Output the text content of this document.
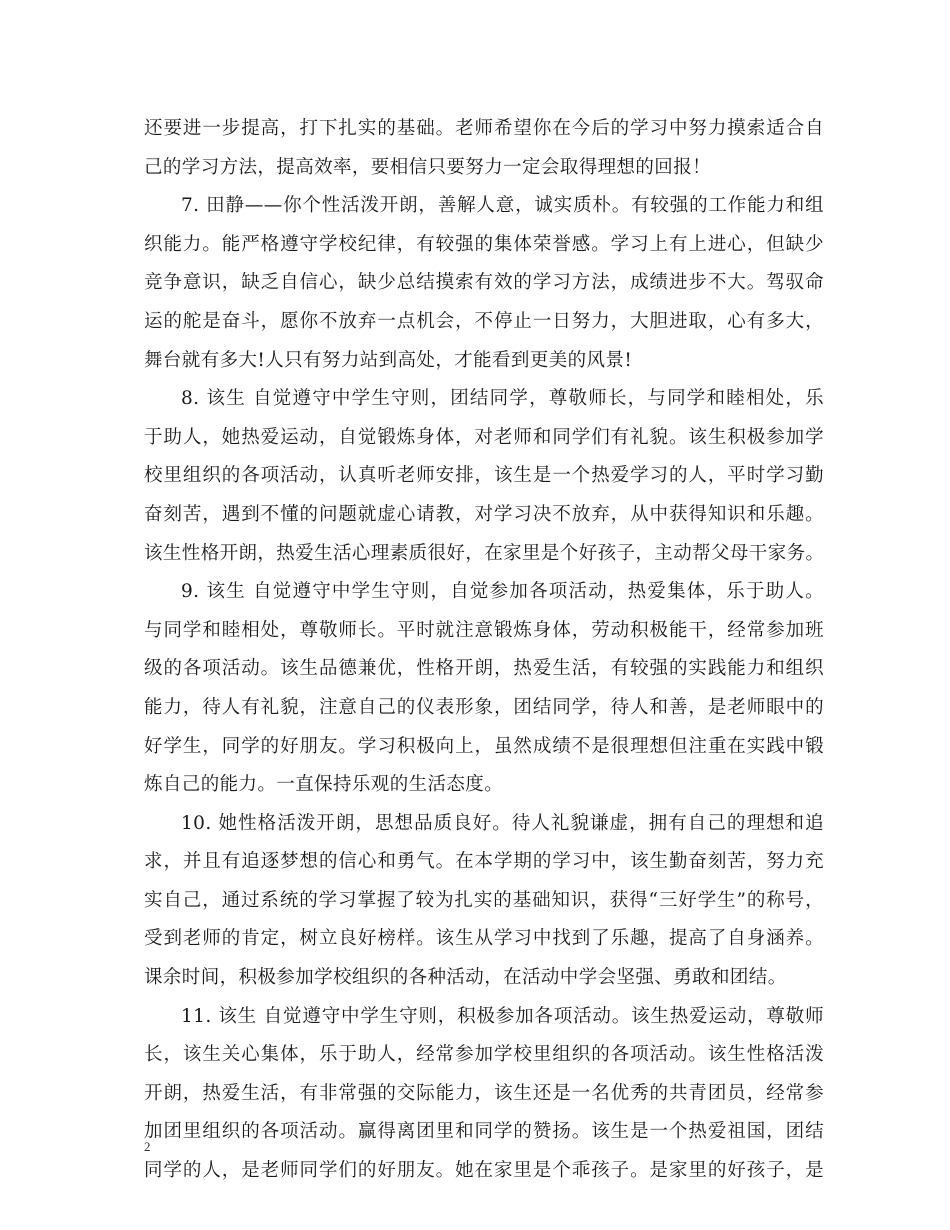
还要进一步提高，打下扎实的基础。老师希望你在今后的学习中努力摸索适合自
己的学习方法，提高效率，要相信只要努力一定会取得理想的回报！
7. 田静——你个性活泼开朗，善解人意，诚实质朴。有较强的工作能力和组
织能力。能严格遵守学校纪律，有较强的集体荣誉感。学习上有上进心，但缺少
竞争意识，缺乏自信心，缺少总结摸索有效的学习方法，成绩进步不大。驾驭命
运的舵是奋斗，愿你不放弃一点机会，不停止一日努力，大胆进取，心有多大，
舞台就有多大!人只有努力站到高处，才能看到更美的风景!
8. 该生 自觉遵守中学生守则，团结同学，尊敬师长，与同学和睦相处，乐
于助人，她热爱运动，自觉锻炼身体，对老师和同学们有礼貌。该生积极参加学
校里组织的各项活动，认真听老师安排，该生是一个热爱学习的人，平时学习勤
奋刻苦，遇到不懂的问题就虚心请教，对学习决不放弃，从中获得知识和乐趣。
该生性格开朗，热爱生活心理素质很好，在家里是个好孩子，主动帮父母干家务。
9. 该生 自觉遵守中学生守则，自觉参加各项活动，热爱集体，乐于助人。
与同学和睦相处，尊敬师长。平时就注意锻炼身体，劳动积极能干，经常参加班
级的各项活动。该生品德兼优，性格开朗，热爱生活，有较强的实践能力和组织
能力，待人有礼貌，注意自己的仪表形象，团结同学，待人和善，是老师眼中的
好学生，同学的好朋友。学习积极向上，虽然成绩不是很理想但注重在实践中锻
炼自己的能力。一直保持乐观的生活态度。
10. 她性格活泼开朗，思想品质良好。待人礼貌谦虚，拥有自己的理想和追
求，并且有追逐梦想的信心和勇气。在本学期的学习中，该生勤奋刻苦，努力充
实自己，通过系统的学习掌握了较为扎实的基础知识，获得“三好学生”的称号，
受到老师的肯定，树立良好榜样。该生从学习中找到了乐趣，提高了自身涵养。
课余时间，积极参加学校组织的各种活动，在活动中学会坚强、勇敢和团结。
11. 该生 自觉遵守中学生守则，积极参加各项活动。该生热爱运动，尊敬师
长，该生关心集体，乐于助人，经常参加学校里组织的各项活动。该生性格活泼
开朗，热爱生活，有非常强的交际能力，该生还是一名优秀的共青团员，经常参
加团里组织的各项活动。赢得离团里和同学的赞扬。该生是一个热爱祖国，团结
同学的人，是老师同学们的好朋友。她在家里是个乖孩子。是家里的好孩子，是
2
